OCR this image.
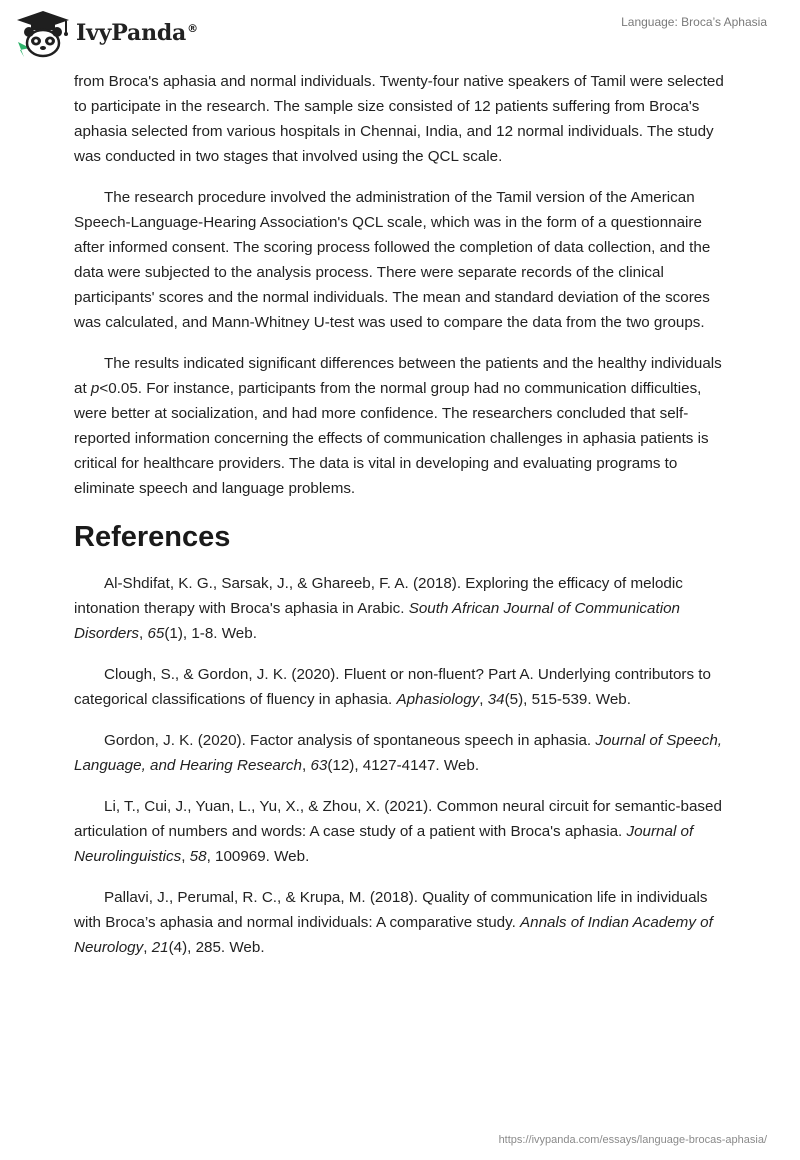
IvyPanda®	Language: Broca’s Aphasia

from Broca's aphasia and normal individuals. Twenty-four native speakers of Tamil were selected to participate in the research. The sample size consisted of 12 patients suffering from Broca's aphasia selected from various hospitals in Chennai, India, and 12 normal individuals. The study was conducted in two stages that involved using the QCL scale.

The research procedure involved the administration of the Tamil version of the American Speech-Language-Hearing Association's QCL scale, which was in the form of a questionnaire after informed consent. The scoring process followed the completion of data collection, and the data were subjected to the analysis process. There were separate records of the clinical participants' scores and the normal individuals. The mean and standard deviation of the scores was calculated, and Mann-Whitney U-test was used to compare the data from the two groups.

The results indicated significant differences between the patients and the healthy individuals at p<0.05. For instance, participants from the normal group had no communication difficulties, were better at socialization, and had more confidence. The researchers concluded that self-reported information concerning the effects of communication challenges in aphasia patients is critical for healthcare providers. The data is vital in developing and evaluating programs to eliminate speech and language problems.

References

Al-Shdifat, K. G., Sarsak, J., & Ghareeb, F. A. (2018). Exploring the efficacy of melodic intonation therapy with Broca's aphasia in Arabic. South African Journal of Communication Disorders, 65(1), 1-8. Web.

Clough, S., & Gordon, J. K. (2020). Fluent or non-fluent? Part A. Underlying contributors to categorical classifications of fluency in aphasia. Aphasiology, 34(5), 515-539. Web.

Gordon, J. K. (2020). Factor analysis of spontaneous speech in aphasia. Journal of Speech, Language, and Hearing Research, 63(12), 4127-4147. Web.

Li, T., Cui, J., Yuan, L., Yu, X., & Zhou, X. (2021). Common neural circuit for semantic-based articulation of numbers and words: A case study of a patient with Broca's aphasia. Journal of Neurolinguistics, 58, 100969. Web.

Pallavi, J., Perumal, R. C., & Krupa, M. (2018). Quality of communication life in individuals with Broca’s aphasia and normal individuals: A comparative study. Annals of Indian Academy of Neurology, 21(4), 285. Web.

https://ivypanda.com/essays/language-brocas-aphasia/
